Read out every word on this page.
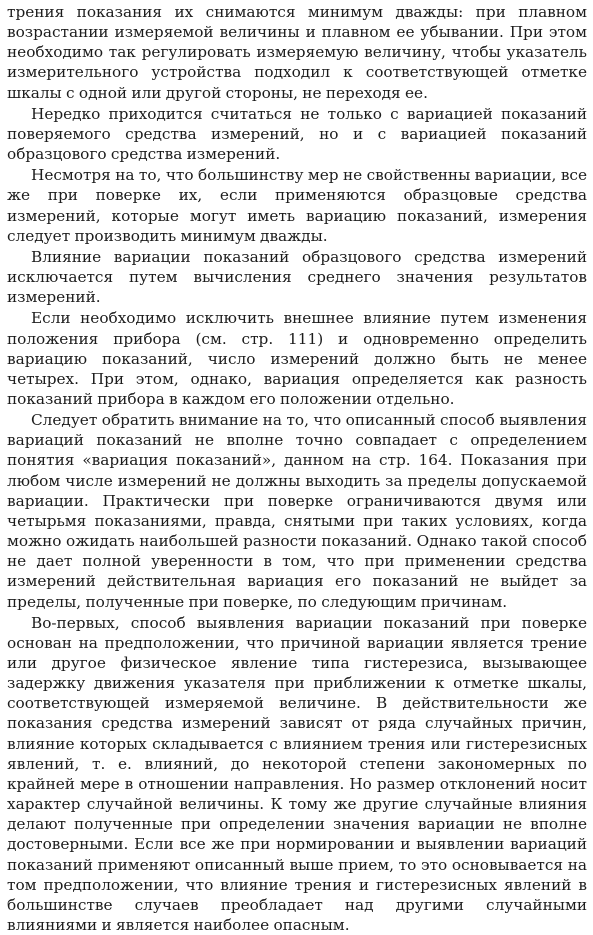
трения показания их снимаются минимум дважды: при плавном возрастании измеряемой величины и плавном ее убывании. При этом необходимо так регулировать измеряемую величину, чтобы указатель измерительного устройства подходил к соответствующей отметке шкалы с одной или другой стороны, не переходя ее.

Нередко приходится считаться не только с вариацией показаний поверяемого средства измерений, но и с вариацией показаний образцового средства измерений.

Несмотря на то, что большинству мер не свойственны вариации, все же при поверке их, если применяются образцовые средства измерений, которые могут иметь вариацию показаний, измерения следует производить минимум дважды.

Влияние вариации показаний образцового средства измерений исключается путем вычисления среднего значения результатов измерений.

Если необходимо исключить внешнее влияние путем изменения положения прибора (см. стр. 111) и одновременно определить вариацию показаний, число измерений должно быть не менее четырех. При этом, однако, вариация определяется как разность показаний прибора в каждом его положении отдельно.

Следует обратить внимание на то, что описанный способ выявления вариаций показаний не вполне точно совпадает с определением понятия «вариация показаний», данном на стр. 164. Показания при любом числе измерений не должны выходить за пределы допускаемой вариации. Практически при поверке ограничиваются двумя или четырьмя показаниями, правда, снятыми при таких условиях, когда можно ожидать наибольшей разности показаний. Однако такой способ не дает полной уверенности в том, что при применении средства измерений действительная вариация его показаний не выйдет за пределы, полученные при поверке, по следующим причинам.

Во-первых, способ выявления вариации показаний при поверке основан на предположении, что причиной вариации является трение или другое физическое явление типа гистерезиса, вызывающее задержку движения указателя при приближении к отметке шкалы, соответствующей измеряемой величине. В действительности же показания средства измерений зависят от ряда случайных причин, влияние которых складывается с влиянием трения или гистерезисных явлений, т. е. влияний, до некоторой степени закономерных по крайней мере в отношении направления. Но размер отклонений носит характер случайной величины. К тому же другие случайные влияния делают полученные при определении значения вариации не вполне достоверными. Если все же при нормировании и выявлении вариаций показаний применяют описанный выше прием, то это основывается на том предположении, что влияние трения и гистерезисных явлений в большинстве случаев преобладает над другими случайными влияниями и является наиболее опасным.
